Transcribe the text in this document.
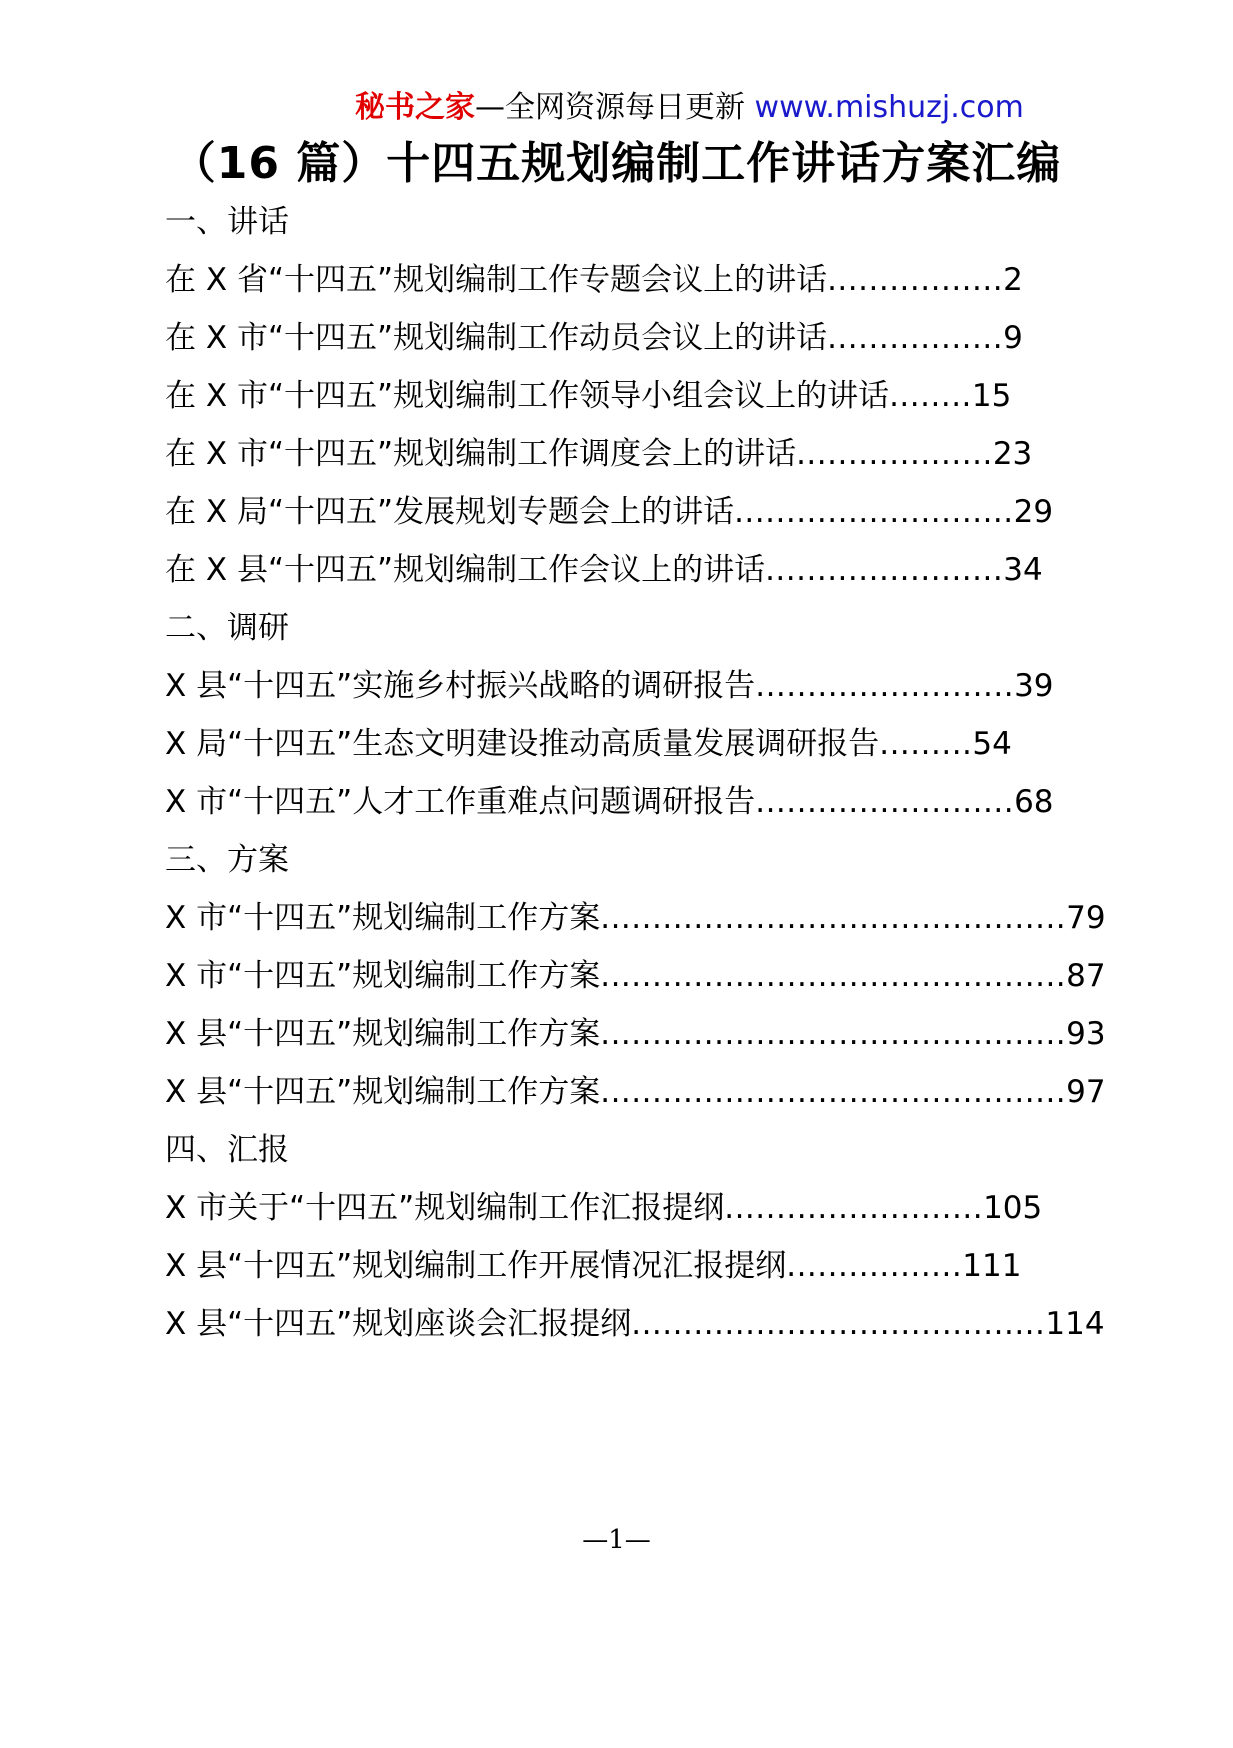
秘书之家—全网资源每日更新 www.mishuzj.com
（16 篇）十四五规划编制工作讲话方案汇编
一、讲话
在 X 省“十四五”规划编制工作专题会议上的讲话 ................. 2
在 X 市“十四五”规划编制工作动员会议上的讲话 ................. 9
在 X 市“十四五”规划编制工作领导小组会议上的讲话 ........ 15
在 X 市“十四五”规划编制工作调度会上的讲话 ................... 23
在 X 局“十四五”发展规划专题会上的讲话 ........................... 29
在 X 县“十四五”规划编制工作会议上的讲话 ....................... 34
二、调研
X 县“十四五”实施乡村振兴战略的调研报告 ......................... 39
X 局“十四五”生态文明建设推动高质量发展调研报告 ......... 54
X 市“十四五”人才工作重难点问题调研报告 ......................... 68
三、方案
X 市“十四五”规划编制工作方案 ............................................. 79
X 市“十四五”规划编制工作方案 ............................................. 87
X 县“十四五”规划编制工作方案 ............................................. 93
X 县“十四五”规划编制工作方案 ............................................. 97
四、汇报
X 市关于“十四五”规划编制工作汇报提纲 ......................... 105
X 县“十四五”规划编制工作开展情况汇报提纲 ................. 111
X 县“十四五”规划座谈会汇报提纲 ........................................ 114
—1—
